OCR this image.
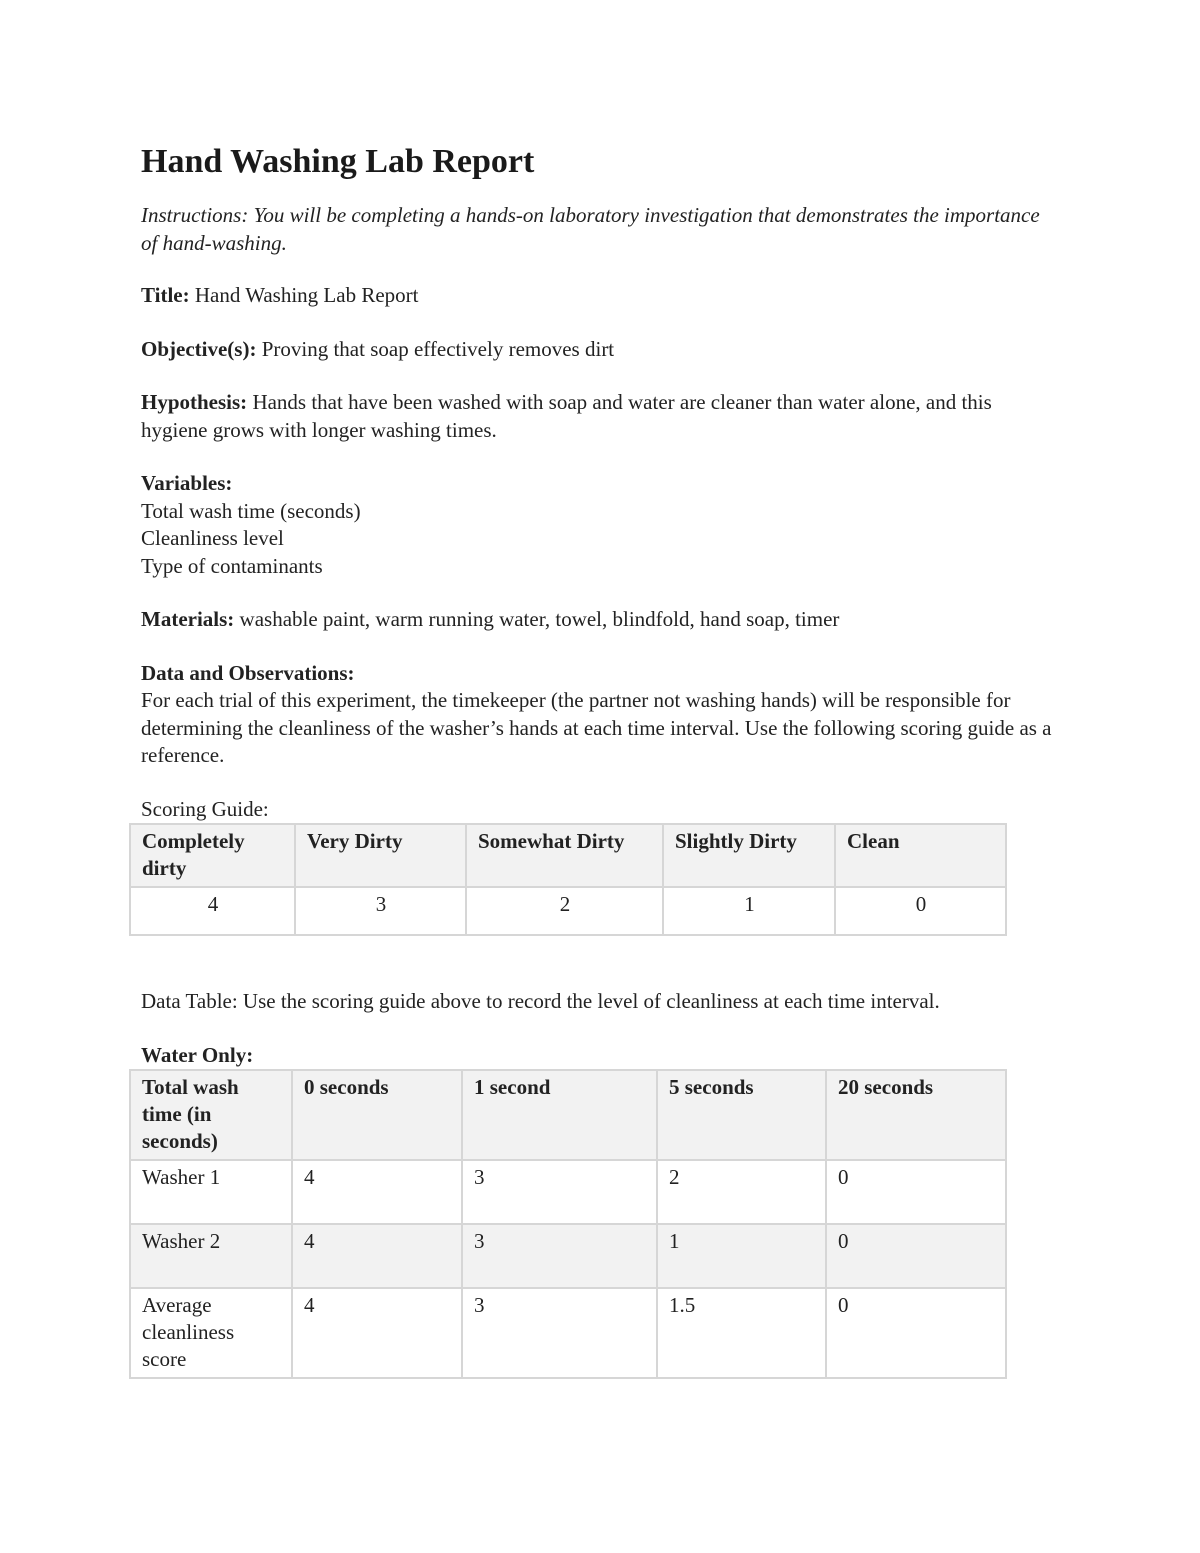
Hand Washing Lab Report
Instructions: You will be completing a hands-on laboratory investigation that demonstrates the importance of hand-washing.
Title: Hand Washing Lab Report
Objective(s): Proving that soap effectively removes dirt
Hypothesis: Hands that have been washed with soap and water are cleaner than water alone, and this hygiene grows with longer washing times.
Variables:
Total wash time (seconds)
Cleanliness level
Type of contaminants
Materials: washable paint, warm running water, towel, blindfold, hand soap, timer
Data and Observations:
For each trial of this experiment, the timekeeper (the partner not washing hands) will be responsible for determining the cleanliness of the washer’s hands at each time interval. Use the following scoring guide as a reference.
Scoring Guide:
Completely dirty	Very Dirty	Somewhat Dirty	Slightly Dirty	Clean
4	3	2	1	0
Data Table: Use the scoring guide above to record the level of cleanliness at each time interval.
Water Only:
Total wash time (in seconds)	0 seconds	1 second	5 seconds	20 seconds
Washer 1	4	3	2	0
Washer 2	4	3	1	0
Average cleanliness score	4	3	1.5	0
